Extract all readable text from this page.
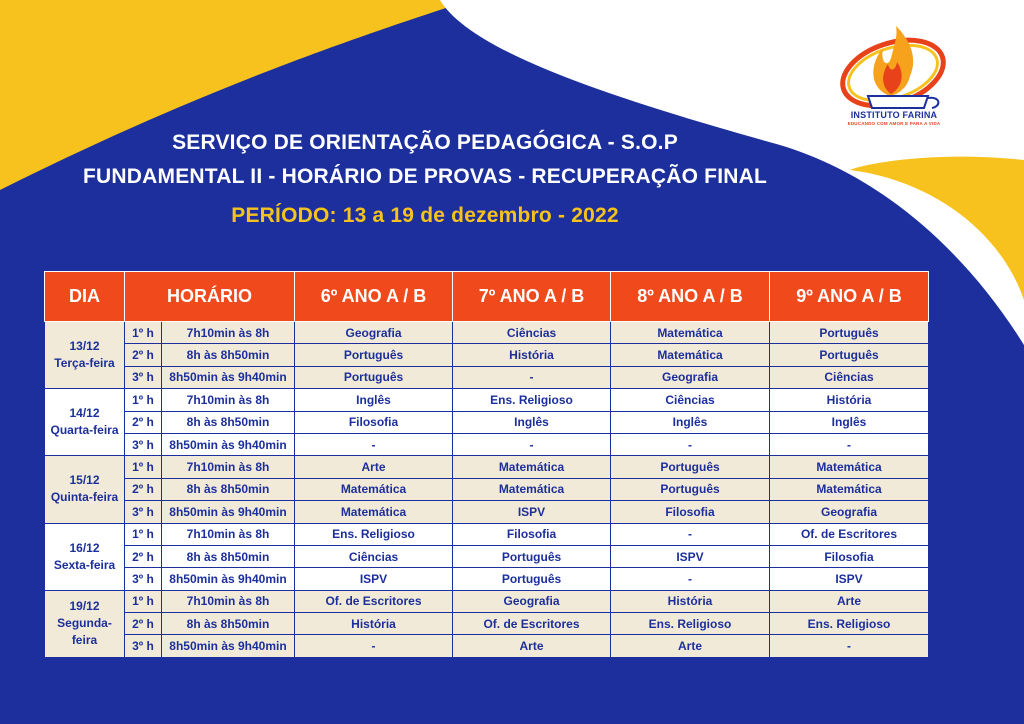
INSTITUTO FARINA
EDUCANDO COM AMOR E PARA A VIDA
SERVIÇO DE ORIENTAÇÃO PEDAGÓGICA - S.O.P
FUNDAMENTAL II - HORÁRIO DE PROVAS - RECUPERAÇÃO FINAL
PERÍODO: 13 a 19 de dezembro - 2022
DIA	HORÁRIO		6º ANO A / B	7º ANO A / B	8º ANO A / B	9º ANO A / B

13/12
Terça-feira	1º h	7h10min às 8h	Geografia	Ciências	Matemática	Português
	2º h	8h às 8h50min	Português	História	Matemática	Português
	3º h	8h50min às 9h40min	Português	-	Geografia	Ciências

14/12
Quarta-feira	1º h	7h10min às 8h	Inglês	Ens. Religioso	Ciências	História
	2º h	8h às 8h50min	Filosofia	Inglês	Inglês	Inglês
	3º h	8h50min às 9h40min	-	-	-	-

15/12
Quinta-feira	1º h	7h10min às 8h	Arte	Matemática	Português	Matemática
	2º h	8h às 8h50min	Matemática	Matemática	Português	Matemática
	3º h	8h50min às 9h40min	Matemática	ISPV	Filosofia	Geografia

16/12
Sexta-feira	1º h	7h10min às 8h	Ens. Religioso	Filosofia	-	Of. de Escritores
	2º h	8h às 8h50min	Ciências	Português	ISPV	Filosofia
	3º h	8h50min às 9h40min	ISPV	Português	-	ISPV

19/12
Segunda-feira	1º h	7h10min às 8h	Of. de Escritores	Geografia	História	Arte
	2º h	8h às 8h50min	História	Of. de Escritores	Ens. Religioso	Ens. Religioso
	3º h	8h50min às 9h40min	-	Arte	Arte	-
